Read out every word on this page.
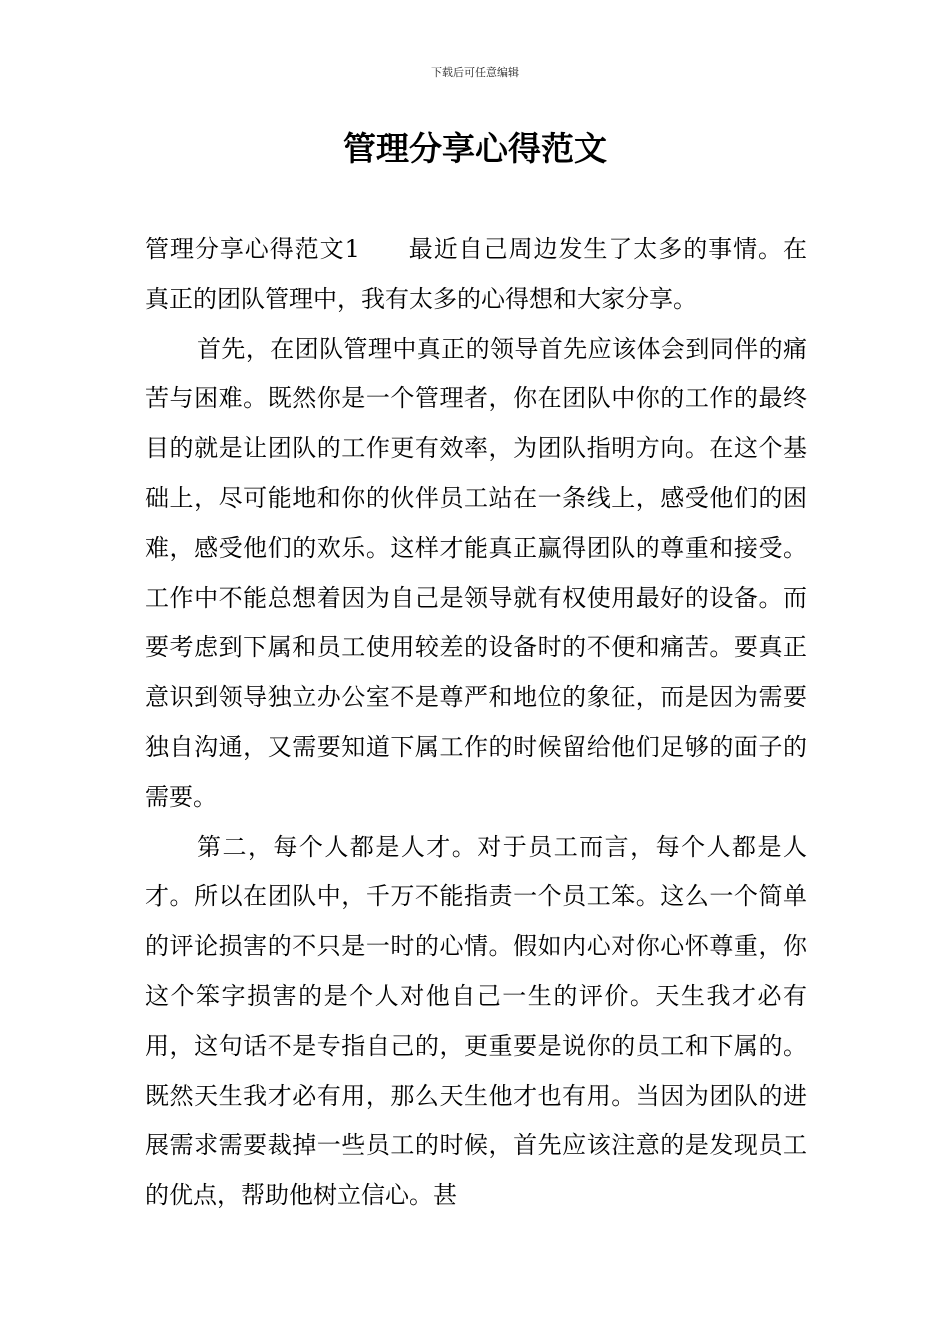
下载后可任意编辑
管理分享心得范文

管理分享心得范文1 最近自己周边发生了太多的事情。在真正的团队管理中，我有太多的心得想和大家分享。

首先，在团队管理中真正的领导首先应该体会到同伴的痛苦与困难。既然你是一个管理者，你在团队中你的工作的最终目的就是让团队的工作更有效率，为团队指明方向。在这个基础上，尽可能地和你的伙伴员工站在一条线上，感受他们的困难，感受他们的欢乐。这样才能真正赢得团队的尊重和接受。工作中不能总想着因为自己是领导就有权使用最好的设备。而要考虑到下属和员工使用较差的设备时的不便和痛苦。要真正意识到领导独立办公室不是尊严和地位的象征，而是因为需要独自沟通，又需要知道下属工作的时候留给他们足够的面子的需要。

第二，每个人都是人才。对于员工而言，每个人都是人才。所以在团队中，千万不能指责一个员工笨。这么一个简单的评论损害的不只是一时的心情。假如内心对你心怀尊重，你这个笨字损害的是个人对他自己一生的评价。天生我才必有用，这句话不是专指自己的，更重要是说你的员工和下属的。既然天生我才必有用，那么天生他才也有用。当因为团队的进展需求需要裁掉一些员工的时候，首先应该注意的是发现员工的优点，帮助他树立信心。甚
